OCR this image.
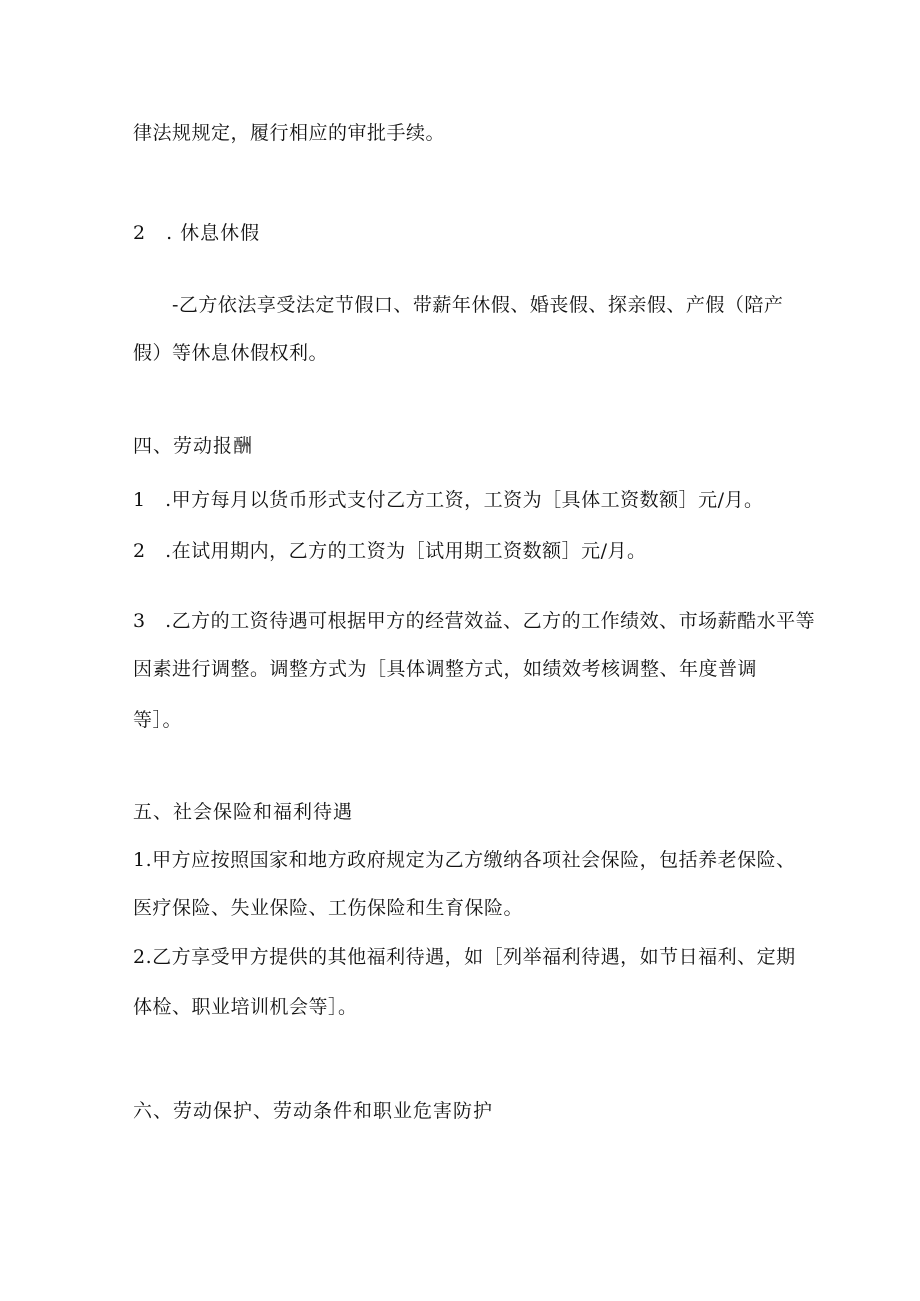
律法规规定，履行相应的审批手续。
2　. 休息休假
-乙方依法享受法定节假口、带薪年休假、婚丧假、探亲假、产假（陪产
假）等休息休假权利。
四、劳动报酬
1　.甲方每月以货币形式支付乙方工资，工资为［具体工资数额］元/月。
2　.在试用期内，乙方的工资为［试用期工资数额］元/月。
3　.乙方的工资待遇可根据甲方的经营效益、乙方的工作绩效、市场薪酷水平等
因素进行调整。调整方式为［具体调整方式，如绩效考核调整、年度普调
等］。
五、社会保险和福利待遇
1.甲方应按照国家和地方政府规定为乙方缴纳各项社会保险，包括养老保险、
医疗保险、失业保险、工伤保险和生育保险。
2.乙方享受甲方提供的其他福利待遇，如［列举福利待遇，如节日福利、定期
体检、职业培训机会等］。
六、劳动保护、劳动条件和职业危害防护
